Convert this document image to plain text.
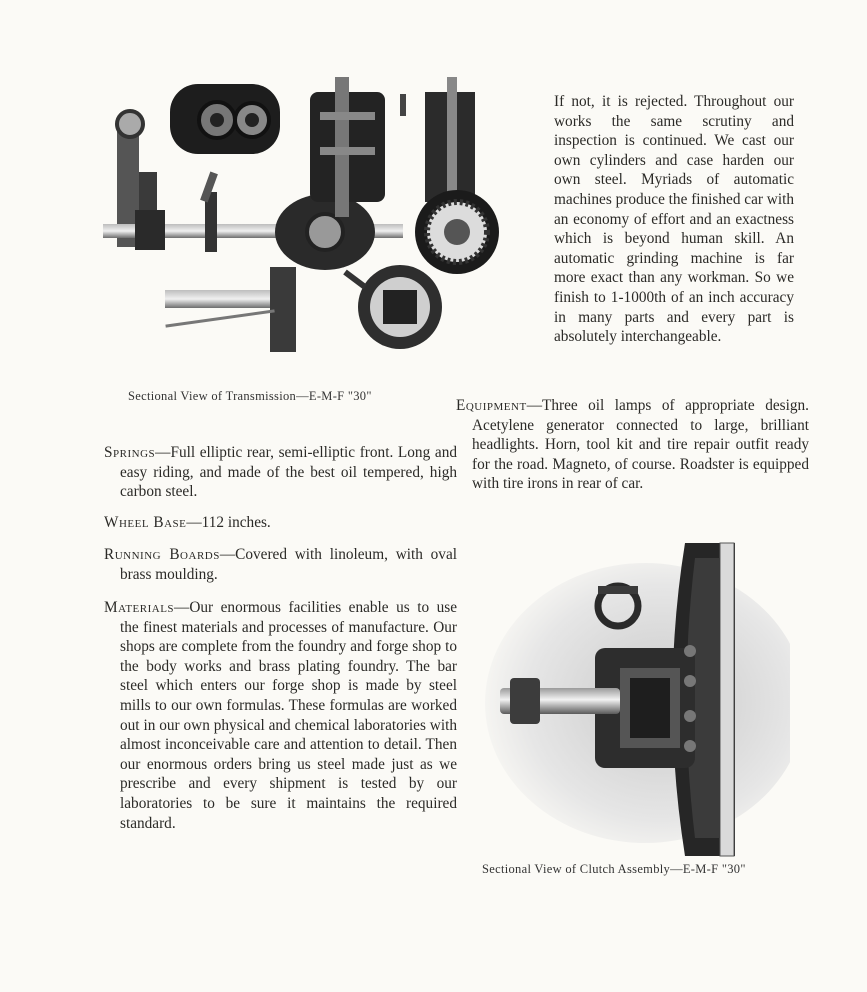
Sectional View of Transmission—E-M-F "30"
If not, it is rejected. Throughout our works the same scrutiny and inspection is continued. We cast our own cylinders and case harden our own steel. Myriads of automatic machines produce the finished car with an economy of effort and an exactness which is beyond human skill. An automatic grinding machine is far more exact than any workman. So we finish to 1-1000th of an inch accuracy in many parts and every part is absolutely interchangeable.
Equipment—Three oil lamps of appropriate design. Acetylene generator connected to large, brilliant headlights. Horn, tool kit and tire repair outfit ready for the road. Magneto, of course. Roadster is equipped with tire irons in rear of car.
Springs—Full elliptic rear, semi-elliptic front. Long and easy riding, and made of the best oil tempered, high carbon steel.
Wheel Base—112 inches.
Running Boards—Covered with linoleum, with oval brass moulding.
Materials—Our enormous facilities enable us to use the finest materials and processes of manufacture. Our shops are complete from the foundry and forge shop to the body works and brass plating foundry. The bar steel which enters our forge shop is made by steel mills to our own formulas. These formulas are worked out in our own physical and chemical laboratories with almost inconceivable care and attention to detail. Then our enormous orders bring us steel made just as we prescribe and every shipment is tested by our laboratories to be sure it maintains the required standard.
Sectional View of Clutch Assembly—E-M-F "30"
